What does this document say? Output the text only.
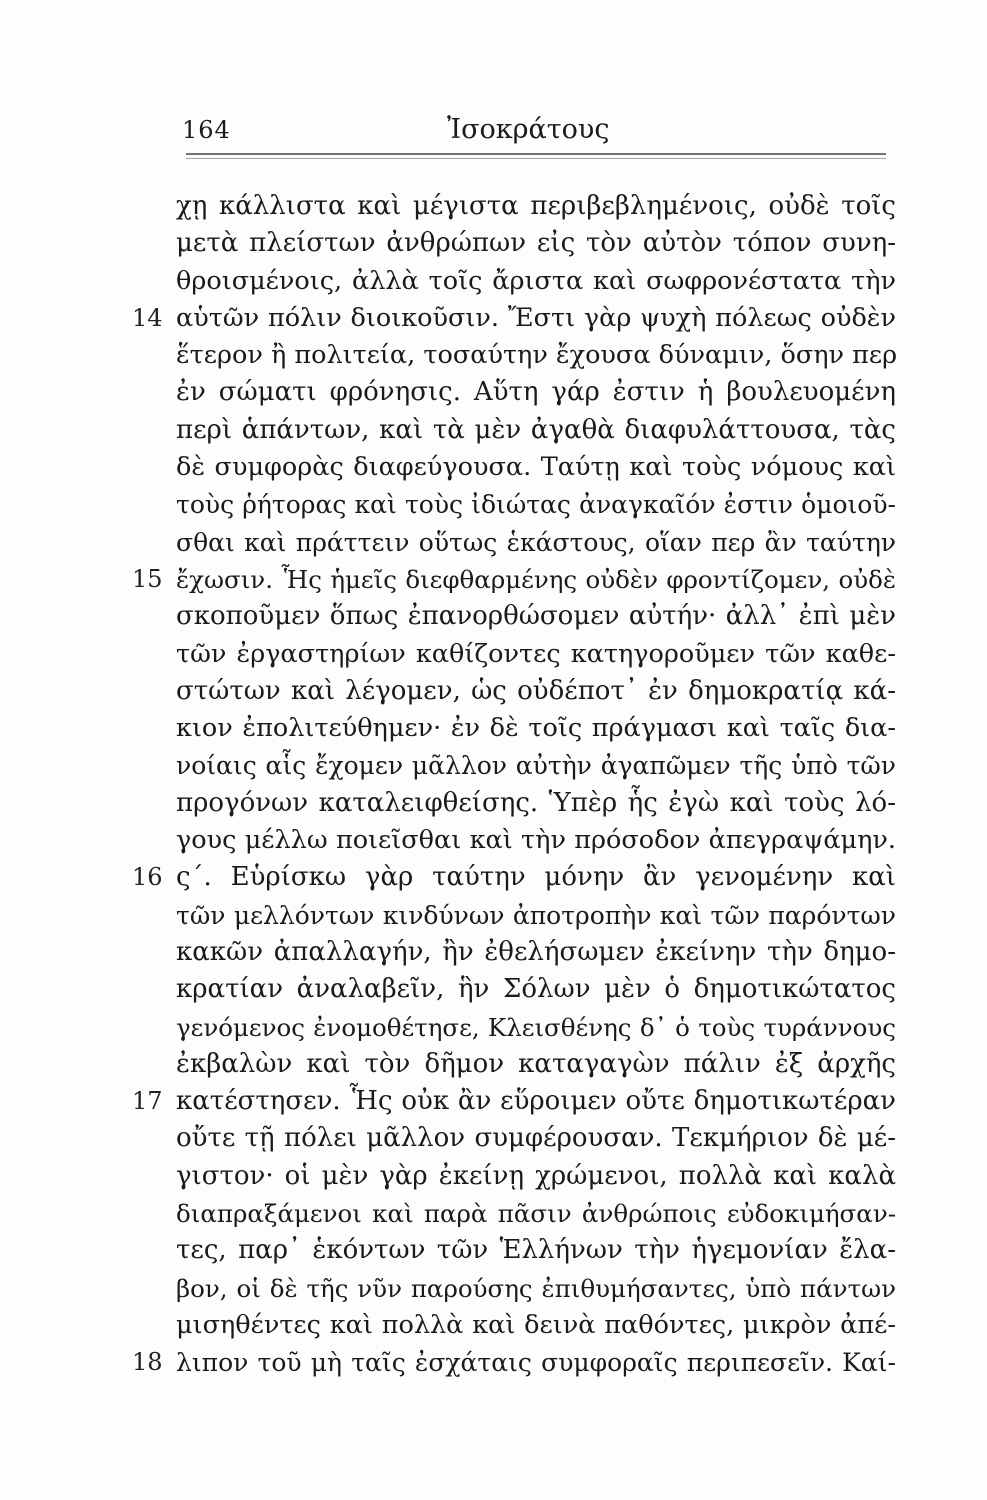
164	Ἰσοκράτους
χῃ κάλλιστα καὶ μέγιστα περιβεβλημένοις, οὐδὲ τοῖς
μετὰ πλείστων ἀνθρώπων εἰς τὸν αὐτὸν τόπον συνη-
θροισμένοις, ἀλλὰ τοῖς ἄριστα καὶ σωφρονέστατα τὴν
14 αὑτῶν πόλιν διοικοῦσιν. Ἔστι γὰρ ψυχὴ πόλεως οὐδὲν
ἕτερον ἢ πολιτεία, τοσαύτην ἔχουσα δύναμιν, ὅσην περ
ἐν σώματι φρόνησις. Αὕτη γάρ ἐστιν ἡ βουλευομένη
περὶ ἁπάντων, καὶ τὰ μὲν ἀγαθὰ διαφυλάττουσα, τὰς
δὲ συμφορὰς διαφεύγουσα. Ταύτῃ καὶ τοὺς νόμους καὶ
τοὺς ῥήτορας καὶ τοὺς ἰδιώτας ἀναγκαῖόν ἐστιν ὁμοιοῦ-
σθαι καὶ πράττειν οὕτως ἑκάστους, οἵαν περ ἂν ταύτην
15 ἔχωσιν. Ἧς ἡμεῖς διεφθαρμένης οὐδὲν φροντίζομεν, οὐδὲ
σκοποῦμεν ὅπως ἐπανορθώσομεν αὐτήν· ἀλλ᾽ ἐπὶ μὲν
τῶν ἐργαστηρίων καθίζοντες κατηγοροῦμεν τῶν καθε-
στώτων καὶ λέγομεν, ὡς οὐδέποτ᾽ ἐν δημοκρατίᾳ κά-
κιον ἐπολιτεύθημεν· ἐν δὲ τοῖς πράγμασι καὶ ταῖς δια-
νοίαις αἷς ἔχομεν μᾶλλον αὐτὴν ἀγαπῶμεν τῆς ὑπὸ τῶν
προγόνων καταλειφθείσης. Ὑπὲρ ἧς ἐγὼ καὶ τοὺς λό-
γους μέλλω ποιεῖσθαι καὶ τὴν πρόσοδον ἀπεγραψάμην.
16 ς΄. Εὑρίσκω γὰρ ταύτην μόνην ἂν γενομένην καὶ
τῶν μελλόντων κινδύνων ἀποτροπὴν καὶ τῶν παρόντων
κακῶν ἀπαλλαγήν, ἢν ἐθελήσωμεν ἐκείνην τὴν δημο-
κρατίαν ἀναλαβεῖν, ἣν Σόλων μὲν ὁ δημοτικώτατος
γενόμενος ἐνομοθέτησε, Κλεισθένης δ᾽ ὁ τοὺς τυράννους
ἐκβαλὼν καὶ τὸν δῆμον καταγαγὼν πάλιν ἐξ ἀρχῆς
17 κατέστησεν. Ἧς οὐκ ἂν εὕροιμεν οὔτε δημοτικωτέραν
οὔτε τῇ πόλει μᾶλλον συμφέρουσαν. Τεκμήριον δὲ μέ-
γιστον· οἱ μὲν γὰρ ἐκείνῃ χρώμενοι, πολλὰ καὶ καλὰ
διαπραξάμενοι καὶ παρὰ πᾶσιν ἀνθρώποις εὐδοκιμήσαν-
τες, παρ᾽ ἑκόντων τῶν Ἑλλήνων τὴν ἡγεμονίαν ἔλα-
βον, οἱ δὲ τῆς νῦν παρούσης ἐπιθυμήσαντες, ὑπὸ πάντων
μισηθέντες καὶ πολλὰ καὶ δεινὰ παθόντες, μικρὸν ἀπέ-
18 λιπον τοῦ μὴ ταῖς ἐσχάταις συμφοραῖς περιπεσεῖν. Καί-
